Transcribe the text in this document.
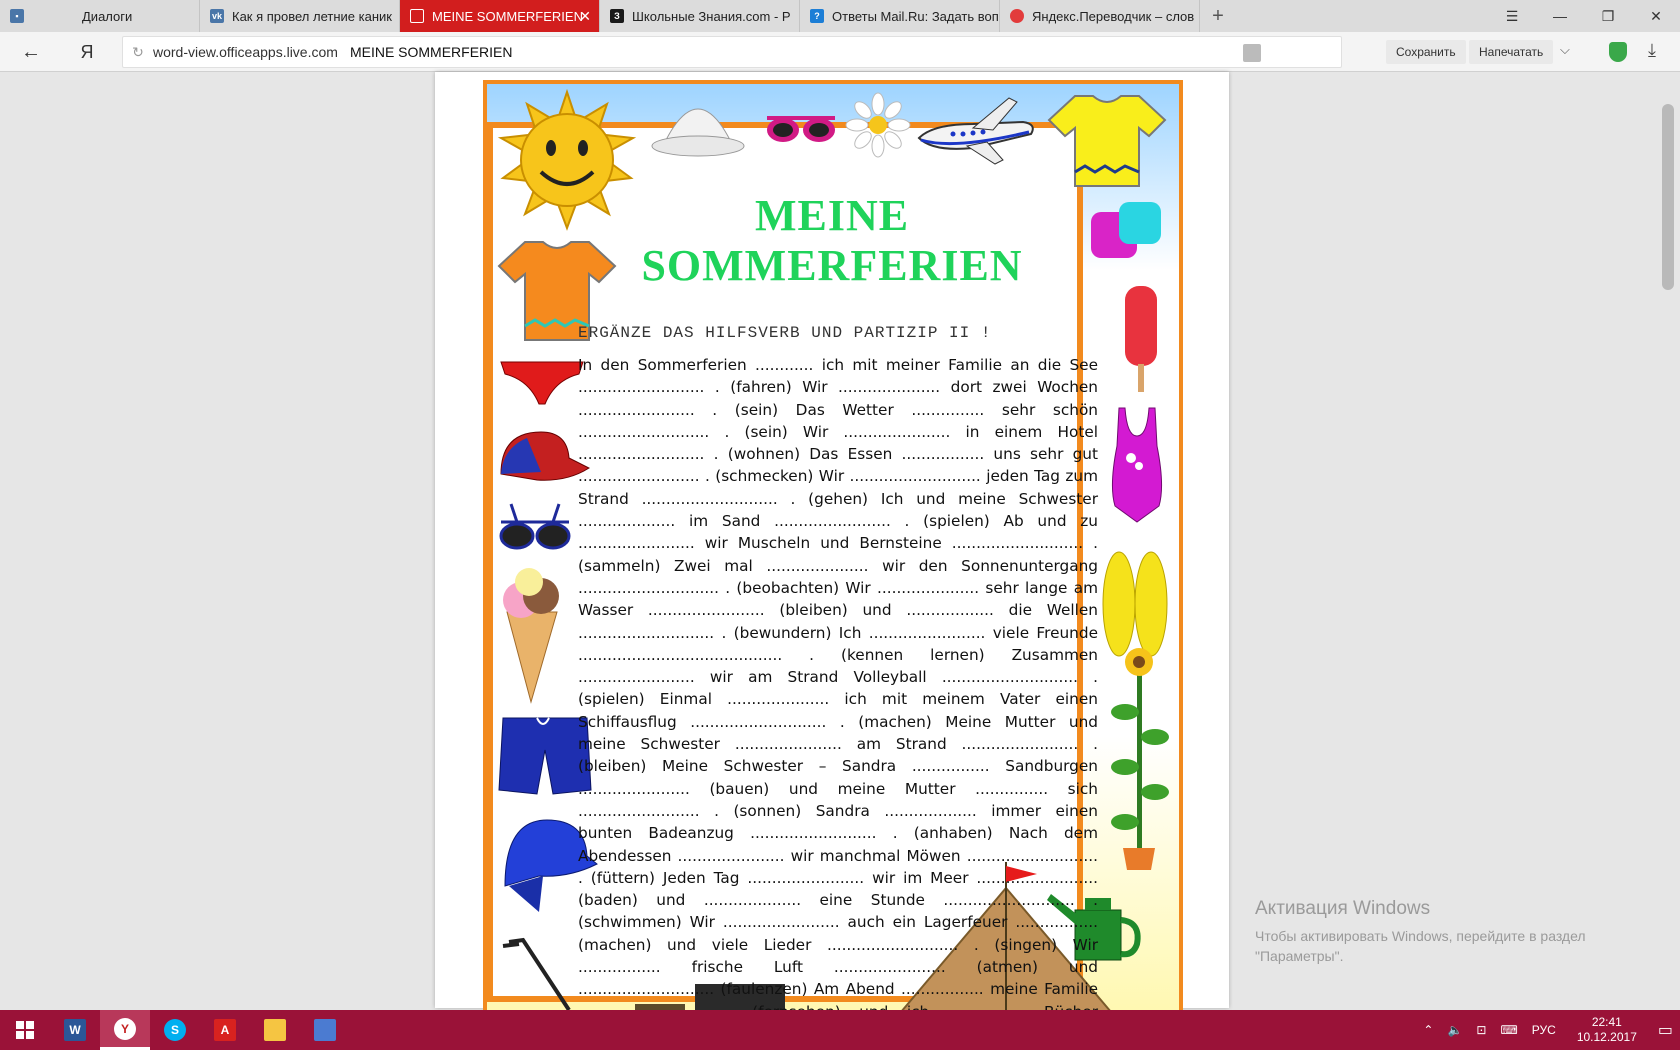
▪	Диалоги	vk Как я провел летние каник	MEINE SOMMERFERIEN
✕	З Школьные Знания.com - Р	? Ответы Mail.Ru: Задать воп	Яндекс.Переводчик – слов +	☰	—	❐	✕
←	Я	↻ word-view.officeapps.live.com MEINE SOMMERFERIEN	Сохранить	Напечатать	⌵	⤓
MEINE
SOMMERFERIEN
ERGÄNZE DAS HILFSVERB UND PARTIZIP II !
In den Sommerferien ............ ich mit meiner Familie an die See .......................... . (fahren) Wir ..................... dort zwei Wochen ........................ . (sein) Das Wetter ............... sehr schön ........................... . (sein) Wir ...................... in einem Hotel .......................... . (wohnen) Das Essen ................. uns sehr gut ......................... . (schmecken) Wir ........................... jeden Tag zum Strand ............................ . (gehen) Ich und meine Schwester .................... im Sand ........................ . (spielen) Ab und zu ........................ wir Muscheln und Bernsteine ........................... . (sammeln) Zwei mal ..................... wir den Sonnenuntergang ............................. . (beobachten) Wir ..................... sehr lange am Wasser ........................ (bleiben) und .................. die Wellen ............................ . (bewundern) Ich ........................ viele Freunde .......................................... . (kennen lernen) Zusammen ........................ wir am Strand Volleyball ............................ . (spielen) Einmal ..................... ich mit meinem Vater einen Schiffausflug ............................ . (machen) Meine Mutter und meine Schwester ...................... am Strand ........................ . (bleiben) Meine Schwester – Sandra ................ Sandburgen ....................... (bauen) und meine Mutter ............... sich ......................... . (sonnen) Sandra ................... immer einen bunten Badeanzug .......................... . (anhaben) Nach dem Abendessen ...................... wir manchmal Möwen ........................... . (füttern) Jeden Tag ........................ wir im Meer .........................(baden) und .................... eine Stunde ........................... . (schwimmen) Wir ........................ auch ein Lagerfeuer ................. (machen) und viele Lieder ........................... . (singen) Wir ................. frische Luft ....................... (atmen) und ............................ (faulenzen) Am Abend ................. meine Familie
Активация Windows
Чтобы активировать Windows, перейдите в раздел
"Параметры".
W	Y	S	A	⌃ 🔈 ⊡ ⌨ РУС
22:41
10.12.2017 ▭
